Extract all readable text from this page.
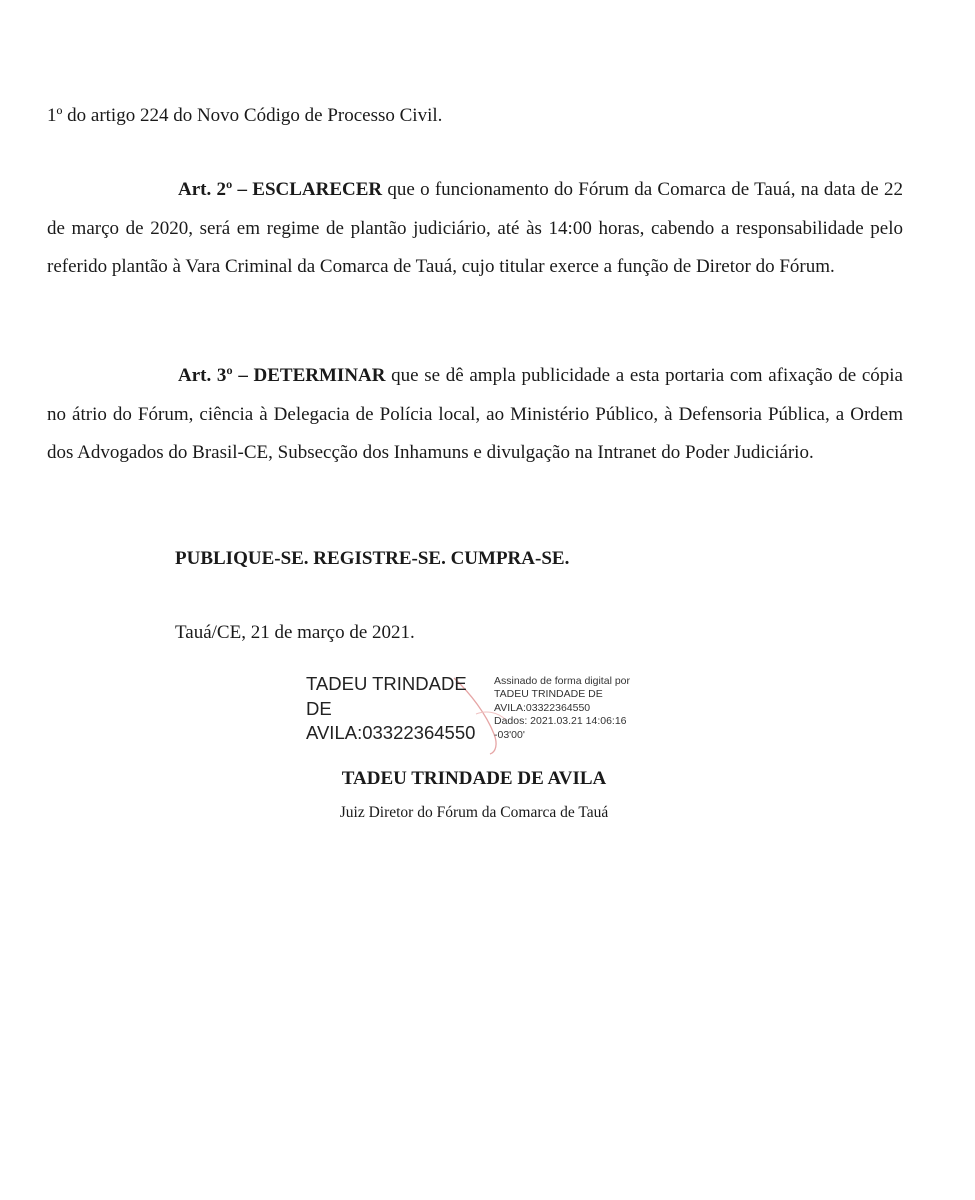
1º do artigo 224 do Novo Código de Processo Civil.
Art. 2º – ESCLARECER que o funcionamento do Fórum da Comarca de Tauá, na data de 22 de março de 2020, será em regime de plantão judiciário, até às 14:00 horas, cabendo a responsabilidade pelo referido plantão à Vara Criminal da Comarca de Tauá, cujo titular exerce a função de Diretor do Fórum.
Art. 3º – DETERMINAR que se dê ampla publicidade a esta portaria com afixação de cópia no átrio do Fórum, ciência à Delegacia de Polícia local, ao Ministério Público, à Defensoria Pública, a Ordem dos Advogados do Brasil-CE, Subsecção dos Inhamuns e divulgação na Intranet do Poder Judiciário.
PUBLIQUE-SE. REGISTRE-SE. CUMPRA-SE.
Tauá/CE, 21 de março de 2021.
TADEU TRINDADE
DE
AVILA:03322364550
Assinado de forma digital por
TADEU TRINDADE DE
AVILA:03322364550
Dados: 2021.03.21 14:06:16
-03'00'
TADEU TRINDADE DE AVILA
Juiz Diretor do Fórum da Comarca de Tauá
